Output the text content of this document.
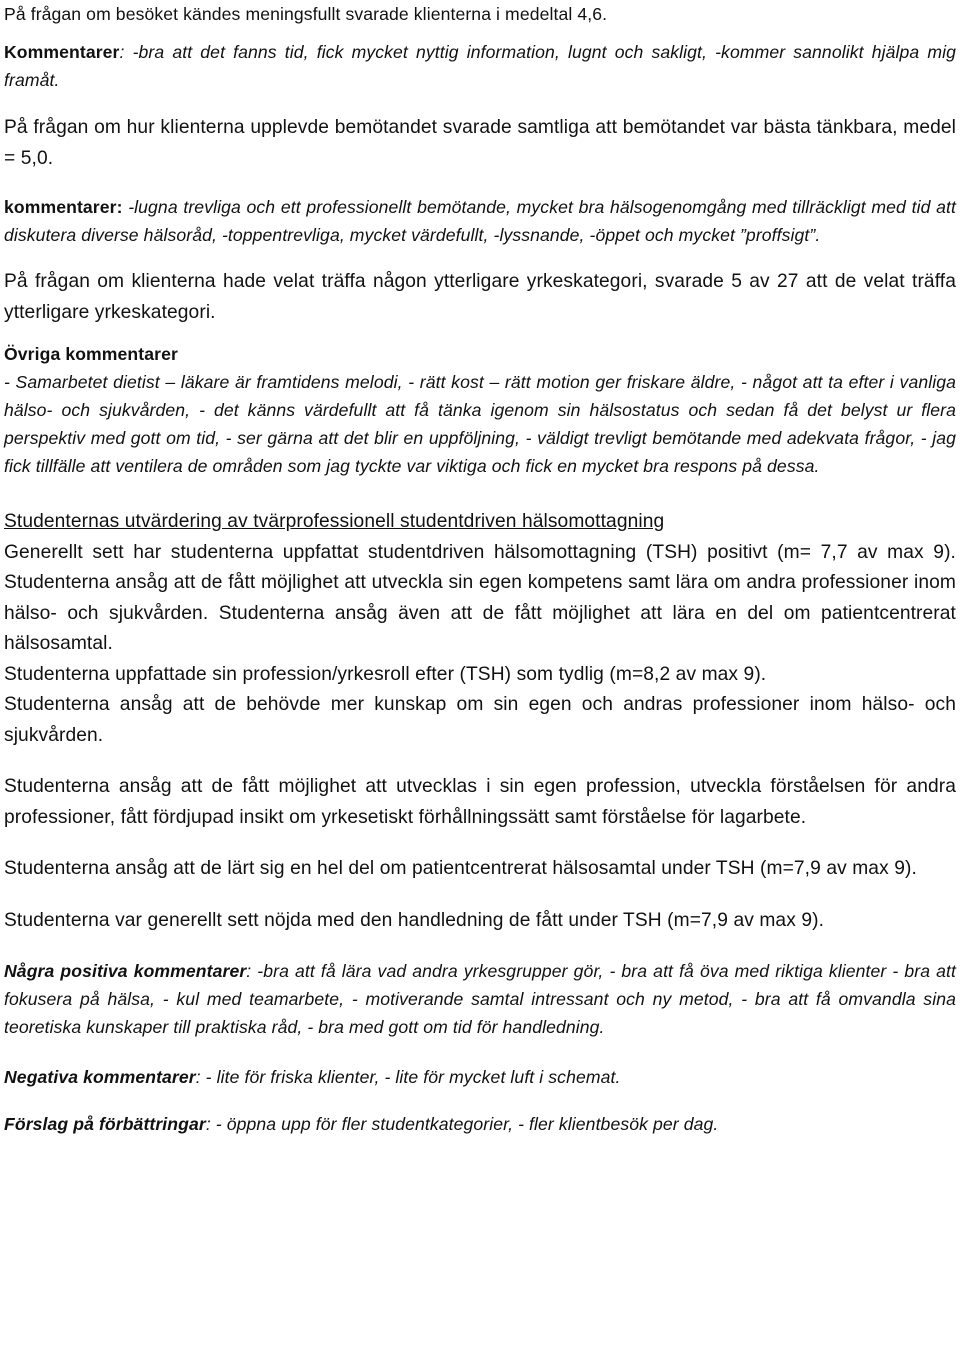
På frågan om besöket kändes meningsfullt svarade klienterna i medeltal 4,6.

Kommentarer: -bra att det fanns tid, fick mycket nyttig information, lugnt och sakligt, -kommer sannolikt hjälpa mig framåt.

På frågan om hur klienterna upplevde bemötandet svarade samtliga att bemötandet var bästa tänkbara, medel = 5,0.

kommentarer: -lugna trevliga och ett professionellt bemötande, mycket bra hälsogenomgång med tillräckligt med tid att diskutera diverse hälsoråd, -toppentrevliga, mycket värdefullt, -lyssnande, -öppet och mycket ”proffsigt”.

På frågan om klienterna hade velat träffa någon ytterligare yrkeskategori, svarade 5 av 27 att de velat träffa ytterligare yrkeskategori.

Övriga kommentarer

- Samarbetet dietist – läkare är framtidens melodi, - rätt kost – rätt motion ger friskare äldre, - något att ta efter i vanliga hälso- och sjukvården, - det känns värdefullt att få tänka igenom sin hälsostatus och sedan få det belyst ur flera perspektiv med gott om tid, - ser gärna att det blir en uppföljning, - väldigt trevligt bemötande med adekvata frågor, - jag fick tillfälle att ventilera de områden som jag tyckte var viktiga och fick en mycket bra respons på dessa.

Studenternas utvärdering av tvärprofessionell studentdriven hälsomottagning

Generellt sett har studenterna uppfattat studentdriven hälsomottagning (TSH) positivt (m= 7,7 av max 9). Studenterna ansåg att de fått möjlighet att utveckla sin egen kompetens samt lära om andra professioner inom hälso- och sjukvården. Studenterna ansåg även att de fått möjlighet att lära en del om patientcentrerat hälsosamtal.

Studenterna uppfattade sin profession/yrkesroll efter (TSH) som tydlig (m=8,2 av max 9).

Studenterna ansåg att de behövde mer kunskap om sin egen och andras professioner inom hälso- och sjukvården.

Studenterna ansåg att de fått möjlighet att utvecklas i sin egen profession, utveckla förståelsen för andra professioner, fått fördjupad insikt om yrkesetiskt förhållningssätt samt förståelse för lagarbete.

Studenterna ansåg att de lärt sig en hel del om patientcentrerat hälsosamtal under TSH (m=7,9 av max 9).

Studenterna var generellt sett nöjda med den handledning de fått under TSH (m=7,9 av max 9).

Några positiva kommentarer: -bra att få lära vad andra yrkesgrupper gör, - bra att få öva med riktiga klienter - bra att fokusera på hälsa, - kul med teamarbete, - motiverande samtal intressant och ny metod, - bra att få omvandla sina teoretiska kunskaper till praktiska råd, - bra med gott om tid för handledning.

Negativa kommentarer: - lite för friska klienter, - lite för mycket luft i schemat.

Förslag på förbättringar: - öppna upp för fler studentkategorier, - fler klientbesök per dag.
